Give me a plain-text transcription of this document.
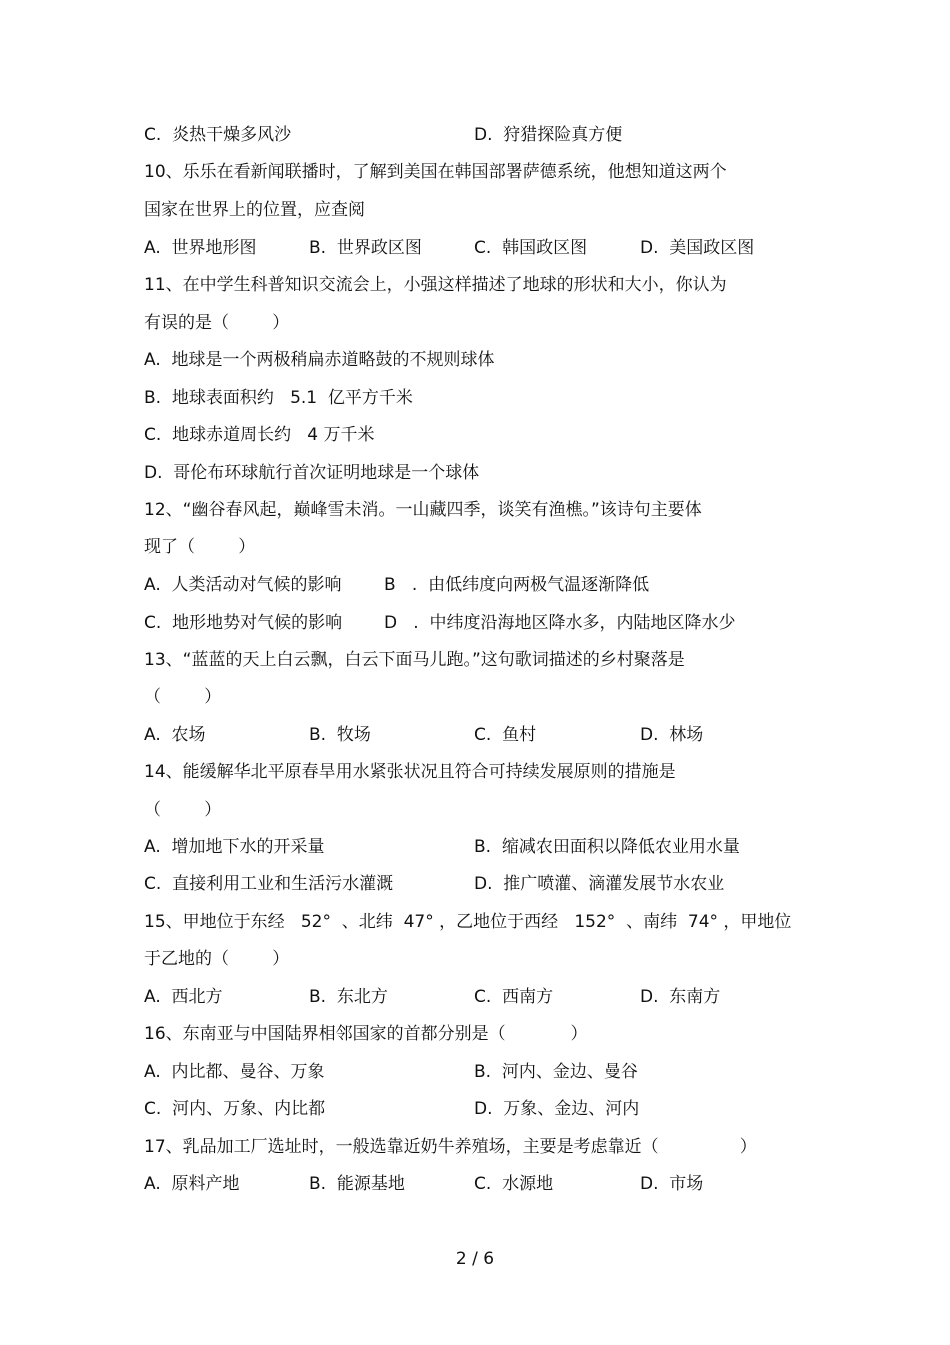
C.  炎热干燥多风沙	D.  狩猎探险真方便
10、乐乐在看新闻联播时，了解到美国在韩国部署萨德系统，他想知道这两个
国家在世界上的位置，应查阅
A.  世界地形图	B.  世界政区图	C.  韩国政区图	D.  美国政区图
11、在中学生科普知识交流会上，小强这样描述了地球的形状和大小，你认为
有误的是（        ）
A.  地球是一个两极稍扁赤道略鼓的不规则球体
B.  地球表面积约   5.1  亿平方千米
C.  地球赤道周长约   4 万千米
D.  哥伦布环球航行首次证明地球是一个球体
12、“幽谷春风起，巅峰雪未消。一山藏四季，谈笑有渔樵。”该诗句主要体
现了（        ）
A.  人类活动对气候的影响 B   .  由低纬度向两极气温逐渐降低
C.  地形地势对气候的影响 D   .  中纬度沿海地区降水多，内陆地区降水少
13、“蓝蓝的天上白云飘，白云下面马儿跑。”这句歌词描述的乡村聚落是
（        ）
A.  农场	B.  牧场	C.  鱼村	D.  林场
14、能缓解华北平原春旱用水紧张状况且符合可持续发展原则的措施是
（        ）
A.  增加地下水的开采量	B.  缩减农田面积以降低农业用水量
C.  直接利用工业和生活污水灌溉	D.  推广喷灌、滴灌发展节水农业
15、甲地位于东经   52°  、北纬  47° ，乙地位于西经   152°  、南纬  74° ，甲地位
于乙地的（        ）
A.  西北方	B.  东北方	C.  西南方	D.  东南方
16、东南亚与中国陆界相邻国家的首都分别是（            ）
A.  内比都、曼谷、万象	B.  河内、金边、曼谷
C.  河内、万象、内比都	D.  万象、金边、河内
17、乳品加工厂选址时，一般选靠近奶牛养殖场，主要是考虑靠近（               ）
A.  原料产地	B.  能源基地	C.  水源地	D.  市场
2 / 6
